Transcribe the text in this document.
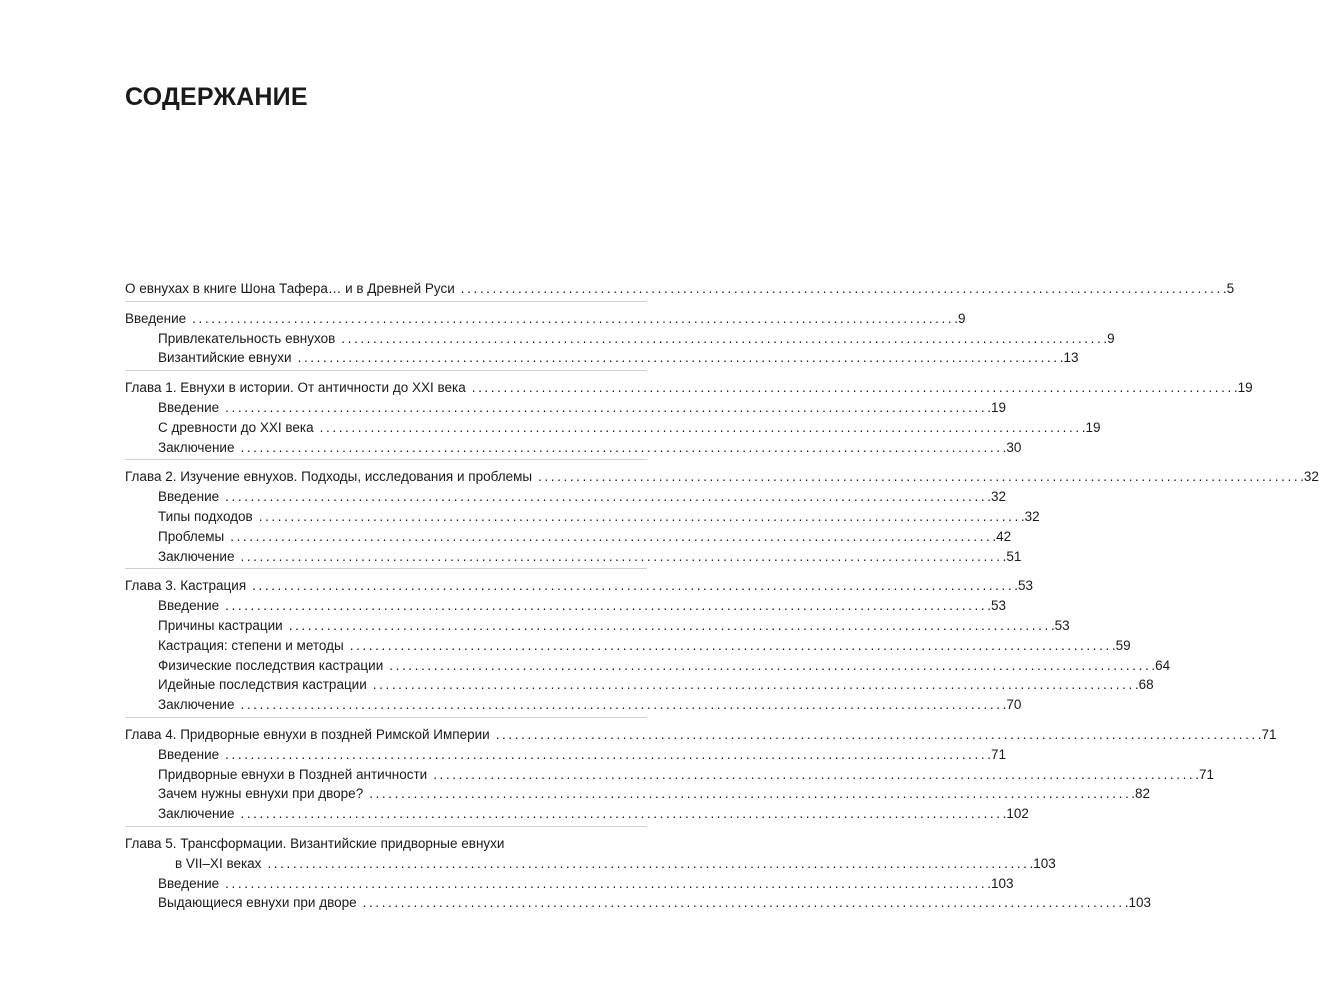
СОДЕРЖАНИЕ
О евнухах в книге Шона Тафера… и в Древней Руси ........................................................................................................................ .5
Введение ........................................................................................................................ .9
Привлекательность евнухов ........................................................................................................................ .9
Византийские евнухи ........................................................................................................................ .13
Глава 1. Евнухи в истории. От античности до XXI века ........................................................................................................................ .19
Введение ........................................................................................................................ .19
С древности до XXI века ........................................................................................................................ .19
Заключение ........................................................................................................................ .30
Глава 2. Изучение евнухов. Подходы, исследования и проблемы ........................................................................................................................ .32
Введение ........................................................................................................................ .32
Типы подходов ........................................................................................................................ .32
Проблемы ........................................................................................................................ .42
Заключение ........................................................................................................................ .51
Глава 3. Кастрация ........................................................................................................................ .53
Введение ........................................................................................................................ .53
Причины кастрации ........................................................................................................................ .53
Кастрация: степени и методы ........................................................................................................................ .59
Физические последствия кастрации ........................................................................................................................ .64
Идейные последствия кастрации ........................................................................................................................ .68
Заключение ........................................................................................................................ .70
Глава 4. Придворные евнухи в поздней Римской Империи ........................................................................................................................ .71
Введение ........................................................................................................................ .71
Придворные евнухи в Поздней античности ........................................................................................................................ .71
Зачем нужны евнухи при дворе? ........................................................................................................................ .82
Заключение ........................................................................................................................ .102
Глава 5. Трансформации. Византийские придворные евнухи
в VII–XI веках ........................................................................................................................ .103
Введение ........................................................................................................................ .103
Выдающиеся евнухи при дворе ........................................................................................................................ .103
